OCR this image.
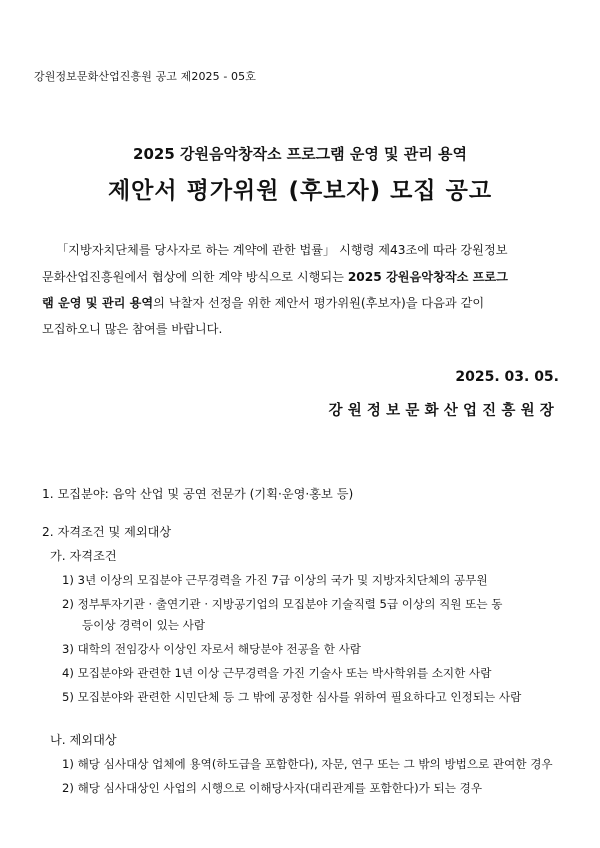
강원정보문화산업진흥원 공고 제2025 - 05호
2025 강원음악창작소 프로그램 운영 및 관리 용역
제안서 평가위원 (후보자) 모집 공고
「지방자치단체를 당사자로 하는 계약에 관한 법률」 시행령 제43조에 따라 강원정보
문화산업진흥원에서 협상에 의한 계약 방식으로 시행되는 2025 강원음악창작소 프로그
램 운영 및 관리 용역의 낙찰자 선정을 위한 제안서 평가위원(후보자)을 다음과 같이
모집하오니 많은 참여를 바랍니다.
2025. 03. 05.
강원정보문화산업진흥원장
1. 모집분야: 음악 산업 및 공연 전문가 (기획·운영·홍보 등)
2. 자격조건 및 제외대상
가. 자격조건
1) 3년 이상의 모집분야 근무경력을 가진 7급 이상의 국가 및 지방자치단체의 공무원
2) 정부투자기관 · 출연기관 · 지방공기업의 모집분야 기술직렬 5급 이상의 직원 또는 동
등이상 경력이 있는 사람
3) 대학의 전임강사 이상인 자로서 해당분야 전공을 한 사람
4) 모집분야와 관련한 1년 이상 근무경력을 가진 기술사 또는 박사학위를 소지한 사람
5) 모집분야와 관련한 시민단체 등 그 밖에 공정한 심사를 위하여 필요하다고 인정되는 사람
나. 제외대상
1) 해당 심사대상 업체에 용역(하도급을 포함한다), 자문, 연구 또는 그 밖의 방법으로 관여한 경우
2) 해당 심사대상인 사업의 시행으로 이해당사자(대리관계를 포함한다)가 되는 경우
